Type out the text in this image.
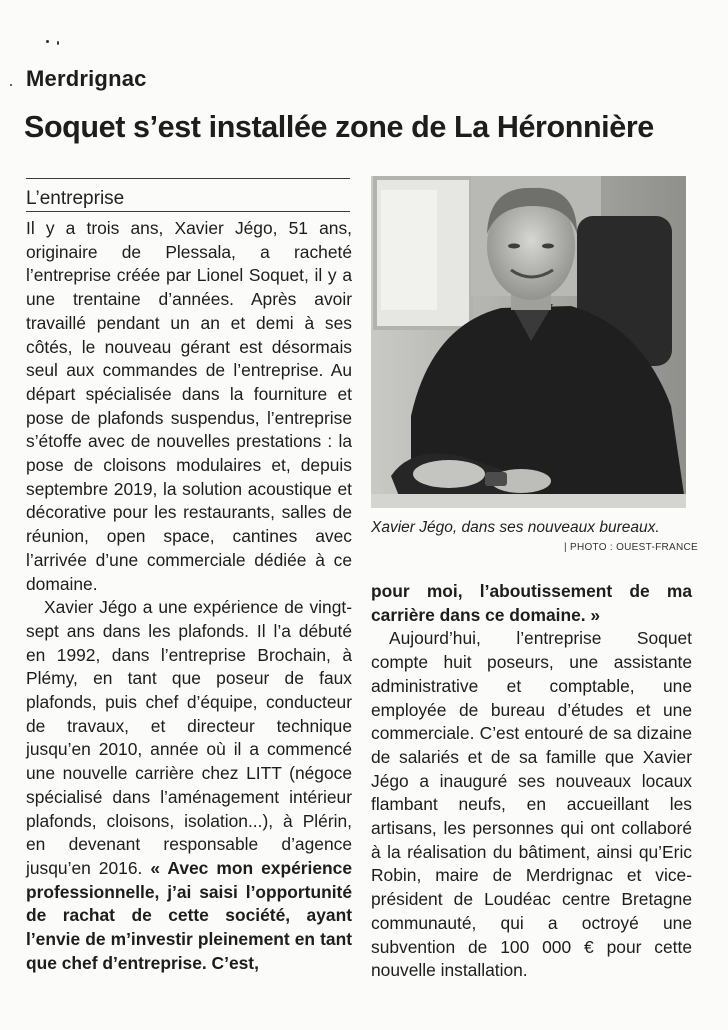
Merdrignac
Soquet s’est installée zone de La Héronnière
L’entreprise

Il y a trois ans, Xavier Jégo, 51 ans, originaire de Plessala, a racheté l’entreprise créée par Lionel Soquet, il y a une trentaine d’années. Après avoir travaillé pendant un an et demi à ses côtés, le nouveau gérant est désormais seul aux commandes de l’entreprise. Au départ spécialisée dans la fourniture et pose de plafonds suspendus, l’entreprise s’étoffe avec de nouvelles prestations : la pose de cloisons modulaires et, depuis septembre 2019, la solution acoustique et décorative pour les restaurants, salles de réunion, open space, cantines avec l’arrivée d’une commerciale dédiée à ce domaine.

Xavier Jégo a une expérience de vingt-sept ans dans les plafonds. Il l’a débuté en 1992, dans l’entreprise Brochain, à Plémy, en tant que poseur de faux plafonds, puis chef d’équipe, conducteur de travaux, et directeur technique jusqu’en 2010, année où il a commencé une nouvelle carrière chez LITT (négoce spécialisé dans l’aménagement intérieur plafonds, cloisons, isolation...), à Plérin, en devenant responsable d’agence jusqu’en 2016. « Avec mon expérience professionnelle, j’ai saisi l’opportunité de rachat de cette société, ayant l’envie de m’investir pleinement en tant que chef d’entreprise. C’est,

Xavier Jégo, dans ses nouveaux bureaux.
| PHOTO : OUEST-FRANCE

pour moi, l’aboutissement de ma carrière dans ce domaine. »

Aujourd’hui, l’entreprise Soquet compte huit poseurs, une assistante administrative et comptable, une employée de bureau d’études et une commerciale. C’est entouré de sa dizaine de salariés et de sa famille que Xavier Jégo a inauguré ses nouveaux locaux flambant neufs, en accueillant les artisans, les personnes qui ont collaboré à la réalisation du bâtiment, ainsi qu’Eric Robin, maire de Merdrignac et vice-président de Loudéac centre Bretagne communauté, qui a octroyé une subvention de 100 000 € pour cette nouvelle installation.
